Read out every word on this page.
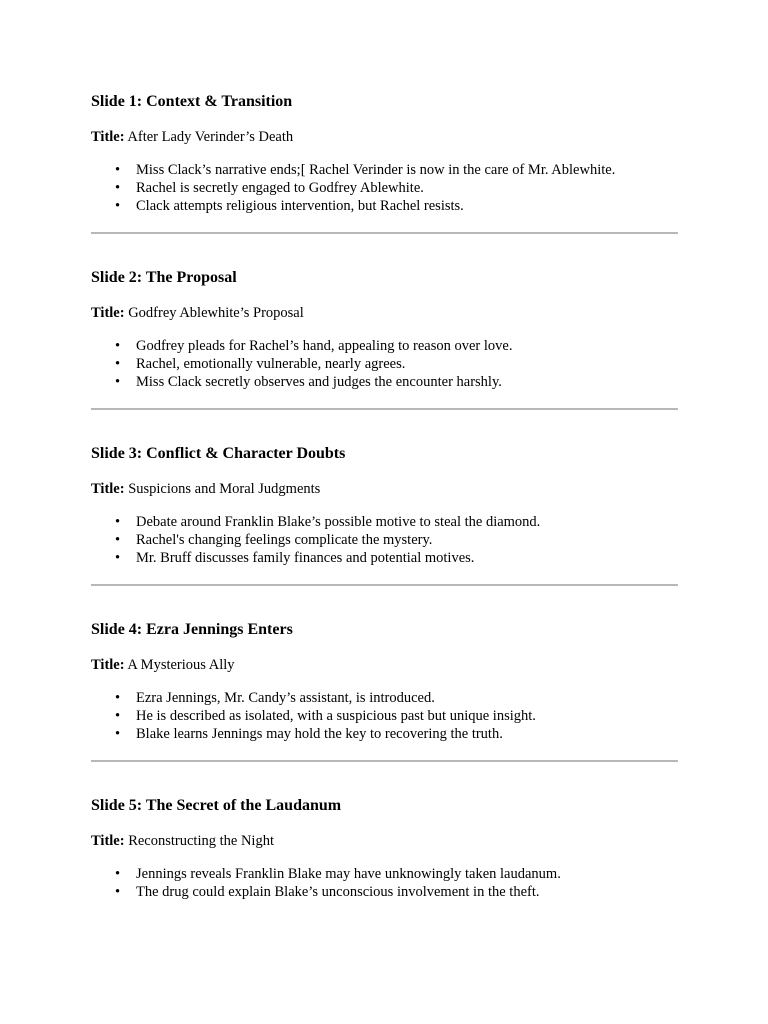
Slide 1: Context & Transition

Title: After Lady Verinder’s Death

• Miss Clack’s narrative ends;[ Rachel Verinder is now in the care of Mr. Ablewhite.
• Rachel is secretly engaged to Godfrey Ablewhite.
• Clack attempts religious intervention, but Rachel resists.
Slide 2: The Proposal

Title: Godfrey Ablewhite’s Proposal

• Godfrey pleads for Rachel’s hand, appealing to reason over love.
• Rachel, emotionally vulnerable, nearly agrees.
• Miss Clack secretly observes and judges the encounter harshly.
Slide 3: Conflict & Character Doubts

Title: Suspicions and Moral Judgments

• Debate around Franklin Blake’s possible motive to steal the diamond.
• Rachel's changing feelings complicate the mystery.
• Mr. Bruff discusses family finances and potential motives.
Slide 4: Ezra Jennings Enters

Title: A Mysterious Ally

• Ezra Jennings, Mr. Candy’s assistant, is introduced.
• He is described as isolated, with a suspicious past but unique insight.
• Blake learns Jennings may hold the key to recovering the truth.
Slide 5: The Secret of the Laudanum

Title: Reconstructing the Night

• Jennings reveals Franklin Blake may have unknowingly taken laudanum.
• The drug could explain Blake’s unconscious involvement in the theft.
